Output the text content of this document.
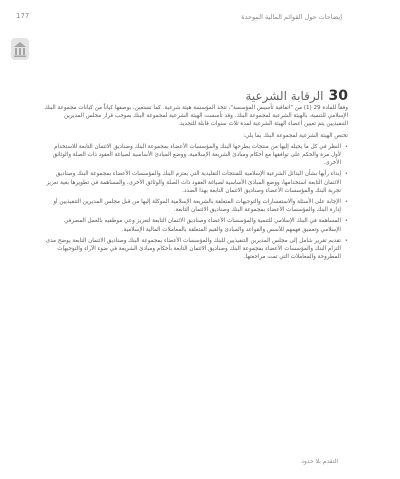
إيضاحات حول القوائم المالية الموحدة
177
30
الرقابة الشرعية

وفقاً للمادة 29 (1) من "اتفاقية تأسيس المؤسسة"، تتخذ المؤسسة هيئة شرعية. كما تستعين، بوصفها كياناً من كيانات مجموعة البنك الإسلامي للتنمية، بالهيئة الشرعية لمجموعة البنك. وقد تأسست الهيئة الشرعية لمجموعة البنك بموجب قرار مجلس المديرين التنفيذيين يتم تعيين أعضاء الهيئة الشرعية لمدة ثلاث سنوات قابلة للتجديد.

تختص الهيئة الشرعية لمجموعة البنك بما يلي:

•
النظر في كل ما يحيله إليها من منتجات يطرحها البنك والمؤسسات الأعضاء بمجموعة البنك وصناديق الائتمان التابعة للاستخدام لأول مرة والحكم على توافقها مع أحكام ومبادئ الشريعة الإسلامية، ووضع المبادئ الأساسية لصياغة العقود ذات الصلة والوثائق الأخرى.
•
إبداء رأيها بشأن البدائل الشرعية الإسلامية للمنتجات التقليدية التي يعتزم البنك والمؤسسات الأعضاء بمجموعة البنك وصناديق الائتمان التابعة استخدامها، ووضع المبادئ الأساسية لصياغة العقود ذات الصلة والوثائق الأخرى، والمساهمة في تطويرها بغية تعزيز تجربة البنك والمؤسسات الأعضاء وصناديق الائتمان التابعة بهذا الصدد.
•
الإجابة على الأسئلة والاستفسارات والتوجيهات المتعلقة بالشريعة الإسلامية الموكلة إليها من قبل مجلس المديرين التنفيذيين أو إدارة البنك والمؤسسات الأعضاء بمجموعة البنك وصناديق الائتمان التابعة.
•
المساهمة في البنك الإسلامي للتنمية والمؤسسات الأعضاء وصناديق الائتمان التابعة لتعزيز وعي موظفيه بالعمل المصرفي الإسلامي وتعميق فهمهم للأسس والقواعد والمبادئ والقيم المتعلقة بالمعاملات المالية الإسلامية.
•
تقديم تقرير شامل إلى مجلس المديرين التنفيذيين للبنك والمؤسسات الأعضاء بمجموعة البنك وصناديق الائتمان التابعة يوضح مدى التزام البنك والمؤسسات الأعضاء بمجموعة البنك وصناديق الائتمان التابعة بأحكام ومبادئ الشريعة في ضوء الآراء والتوجيهات المطروحة والمعاملات التي تمت مراجعتها.
التقدم بلا حدود
